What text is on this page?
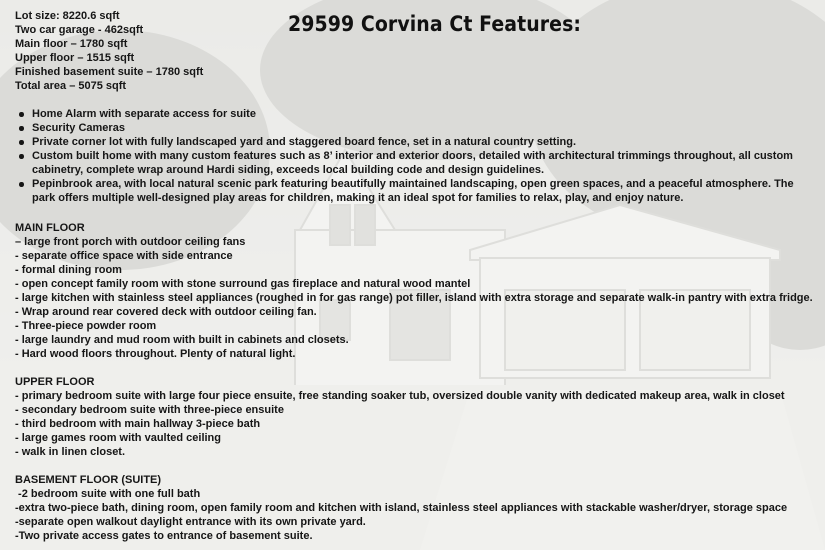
29599 Corvina Ct Features:
Lot size: 8220.6 sqft
Two car garage - 462sqft
Main floor – 1780 sqft
Upper floor – 1515 sqft
Finished basement suite – 1780 sqft
Total area – 5075 sqft
Home Alarm with separate access for suite
Security Cameras
Private corner lot with fully landscaped yard and staggered board fence, set in a natural country setting.
Custom built home with many custom features such as 8’ interior and exterior doors, detailed with architectural trimmings throughout, all custom cabinetry, complete wrap around Hardi siding, exceeds local building code and design guidelines.
Pepinbrook area, with local natural scenic park featuring beautifully maintained landscaping, open green spaces, and a peaceful atmosphere. The park offers multiple well-designed play areas for children, making it an ideal spot for families to relax, play, and enjoy nature.
MAIN FLOOR
– large front porch with outdoor ceiling fans
- separate office space with side entrance
- formal dining room
- open concept family room with stone surround gas fireplace and natural wood mantel
- large kitchen with stainless steel appliances (roughed in for gas range) pot filler, island with extra storage and separate walk-in pantry with extra fridge.
- Wrap around rear covered deck with outdoor ceiling fan.
- Three-piece powder room
- large laundry and mud room with built in cabinets and closets.
- Hard wood floors throughout. Plenty of natural light.
UPPER FLOOR
- primary bedroom suite with large four piece ensuite, free standing soaker tub, oversized double vanity with dedicated makeup area, walk in closet
- secondary bedroom suite with three-piece ensuite
- third bedroom with main hallway 3-piece bath
- large games room with vaulted ceiling
- walk in linen closet.
BASEMENT FLOOR (SUITE)
-2 bedroom suite with one full bath
-extra two-piece bath, dining room, open family room and kitchen with island, stainless steel appliances with stackable washer/dryer, storage space
-separate open walkout daylight entrance with its own private yard.
-Two private access gates to entrance of basement suite.
